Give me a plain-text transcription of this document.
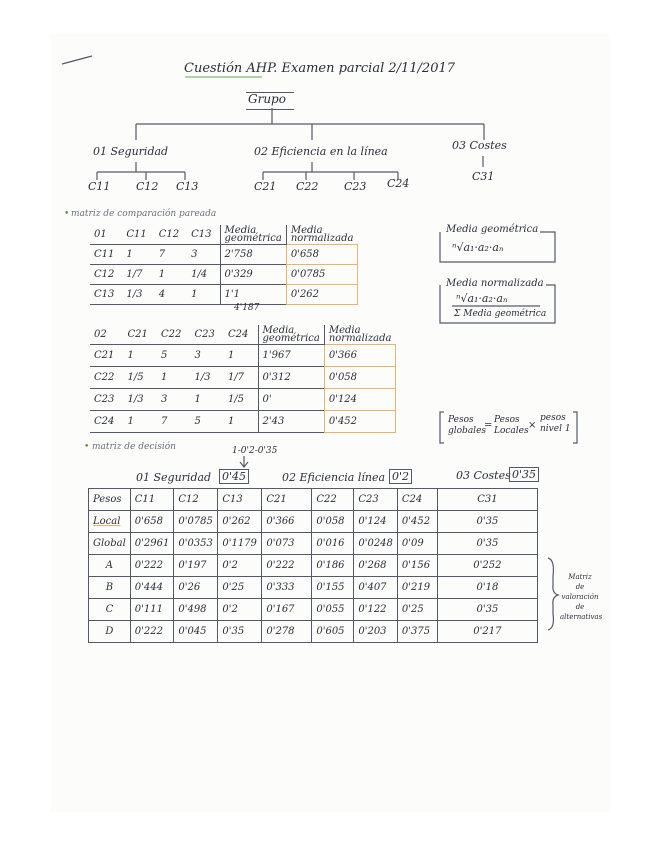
Cuestión AHP. Examen parcial 2/11/2017
Grupo
01 Seguridad	02 Eficiencia en la línea	03 Costes
C11 C12 C13	C21 C22 C23 C24
C31
• matriz de comparación pareada
01	C11	C12	C13	Media geométrica	Media normalizada
C11	1	7	3	2'758	0'658
C12	1/7	1	1/4	0'329	0'0785
C13	1/3	4	1	1'1	0'262
4'187
02	C21	C22	C23	C24	Media geométrica	Media normalizada
C21	1	5	3	1	1'967	0'366
C22	1/5	1	1/3	1/7	0'312	0'058
C23	1/3	3	1	1/5	0'	0'124
C24	1	7	5	1	2'43	0'452
Media geométrica
ⁿ√a₁·a₂·aₙ
Media normalizada
ⁿ√a₁·a₂·aₙ
Σ Media geométrica
Pesos globales
= Pesos Locales ×
pesos nivel 1
• matriz de decisión	1-0'2-0'35
01 Seguridad 0'45	02 Eficiencia línea 0'2	03 Costes 0'35
Pesos	C11	C12	C13	C21	C22	C23	C24	C31
Local	0'658	0'0785	0'262	0'366	0'058	0'124	0'452	0'35
Global	0'2961	0'0353	0'1179	0'073	0'016	0'0248	0'09	0'35
A	0'222	0'197	0'2	0'222	0'186	0'268	0'156	0'252
B	0'444	0'26	0'25	0'333	0'155	0'407	0'219	0'18
C	0'111	0'498	0'2	0'167	0'055	0'122	0'25	0'35
D	0'222	0'045	0'35	0'278	0'605	0'203	0'375	0'217
Matriz
de
valoración
de
alternativas
